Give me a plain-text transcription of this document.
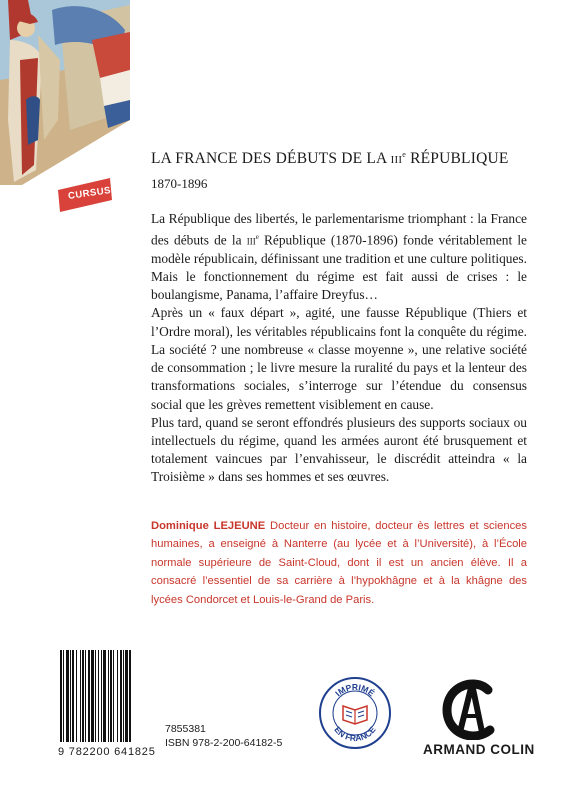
CURSUS
LA FRANCE DES DÉBUTS DE LA iii$^e$ RÉPUBLIQUE
1870-1896

La République des libertés, le parlementarisme triomphant : la France des débuts de la iii$^e$ République (1870-1896) fonde véritablement le modèle républicain, définissant une tradition et une culture politiques. Mais le fonctionnement du régime est fait aussi de crises : le boulangisme, Panama, l’affaire Dreyfus…

Après un « faux départ », agité, une fausse République (Thiers et l’Ordre moral), les véritables républicains font la conquête du régime. La société ? une nombreuse « classe moyenne », une relative société de consommation ; le livre mesure la ruralité du pays et la lenteur des transformations sociales, s’interroge sur l’étendue du consensus social que les grèves remettent visiblement en cause.

Plus tard, quand se seront effondrés plusieurs des supports sociaux ou intellectuels du régime, quand les armées auront été brusquement et totalement vaincues par l’envahisseur, le discrédit atteindra « la Troisième » dans ses hommes et ses œuvres.

Dominique LEJEUNE Docteur en histoire, docteur ès lettres et sciences humaines, a enseigné à Nanterre (au lycée et à l’Université), à l’École normale supérieure de Saint-Cloud, dont il est un ancien élève. Il a consacré l’essentiel de sa carrière à l’hypokhâgne et à la khâgne des lycées Condorcet et Louis-le-Grand de Paris.
9 782200 641825
7855381
ISBN 978-2-200-64182-5
IMPRIMÉ
EN FRANCE
ARMAND COLIN
